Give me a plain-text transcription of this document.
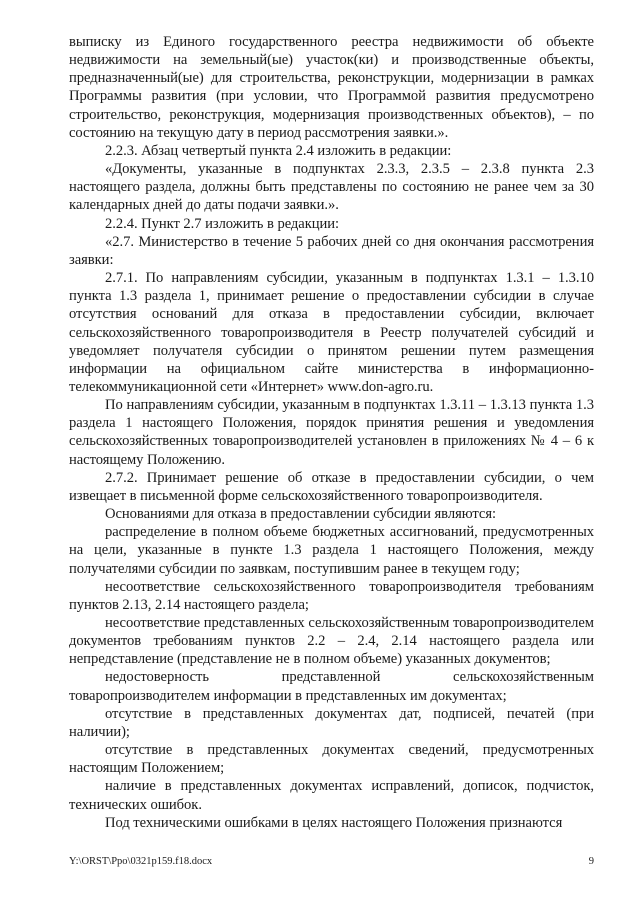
выписку из Единого государственного реестра недвижимости об объекте недвижимости на земельный(ые) участок(ки) и производственные объекты, предназначенный(ые) для строительства, реконструкции, модернизации в рамках Программы развития (при условии, что Программой развития предусмотрено строительство, реконструкция, модернизация производственных объектов), – по состоянию на текущую дату в период рассмотрения заявки.».

2.2.3. Абзац четвертый пункта 2.4 изложить в редакции:

«Документы, указанные в подпунктах 2.3.3, 2.3.5 – 2.3.8 пункта 2.3 настоящего раздела, должны быть представлены по состоянию не ранее чем за 30 календарных дней до даты подачи заявки.».

2.2.4. Пункт 2.7 изложить в редакции:

«2.7. Министерство в течение 5 рабочих дней со дня окончания рассмотрения заявки:

2.7.1. По направлениям субсидии, указанным в подпунктах 1.3.1 – 1.3.10 пункта 1.3 раздела 1, принимает решение о предоставлении субсидии в случае отсутствия оснований для отказа в предоставлении субсидии, включает сельскохозяйственного товаропроизводителя в Реестр получателей субсидий и уведомляет получателя субсидии о принятом решении путем размещения информации на официальном сайте министерства в информационно-телекоммуникационной сети «Интернет» www.don-agro.ru.

По направлениям субсидии, указанным в подпунктах 1.3.11 – 1.3.13 пункта 1.3 раздела 1 настоящего Положения, порядок принятия решения и уведомления сельскохозяйственных товаропроизводителей установлен в приложениях № 4 – 6 к настоящему Положению.

2.7.2. Принимает решение об отказе в предоставлении субсидии, о чем извещает в письменной форме сельскохозяйственного товаропроизводителя.

Основаниями для отказа в предоставлении субсидии являются:

распределение в полном объеме бюджетных ассигнований, предусмотренных на цели, указанные в пункте 1.3 раздела 1 настоящего Положения, между получателями субсидии по заявкам, поступившим ранее в текущем году;

несоответствие сельскохозяйственного товаропроизводителя требованиям пунктов 2.13, 2.14 настоящего раздела;

несоответствие представленных сельскохозяйственным товаропроизводителем документов требованиям пунктов 2.2 – 2.4, 2.14 настоящего раздела или непредставление (представление не в полном объеме) указанных документов;

недостоверность представленной сельскохозяйственным товаропроизводителем информации в представленных им документах;

отсутствие в представленных документах дат, подписей, печатей (при наличии);

отсутствие в представленных документах сведений, предусмотренных настоящим Положением;

наличие в представленных документах исправлений, дописок, подчисток, технических ошибок.

Под техническими ошибками в целях настоящего Положения признаются

Y:\ORST\Ppo\0321p159.f18.docx	9
